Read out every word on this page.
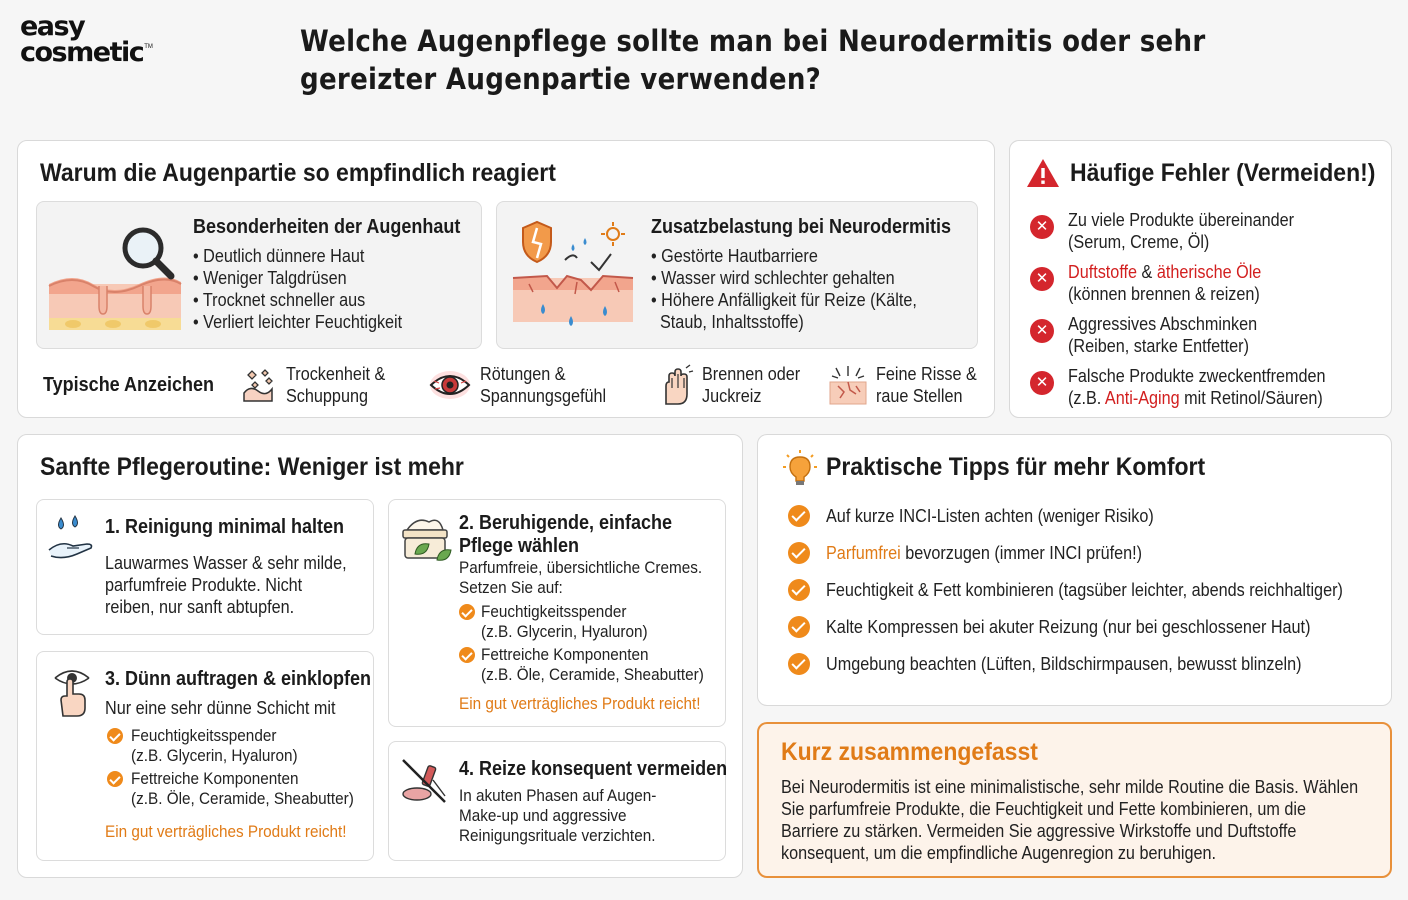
easy
cosmetic TM	Welche Augenpflege sollte man bei Neurodermitis oder sehr
gereizter Augenpartie verwenden?
Warum die Augenpartie so empfindlich reagiert
Besonderheiten der Augenhaut
• Deutlich dünnere Haut
• Weniger Talgdrüsen
• Trocknet schneller aus
• Verliert leichter Feuchtigkeit
Zusatzbelastung bei Neurodermitis
• Gestörte Hautbarriere
• Wasser wird schlechter gehalten
• Höhere Anfälligkeit für Reize (Kälte,
Staub, Inhaltsstoffe)
Typische Anzeichen	Trockenheit &
Schuppung
Rötungen &
Spannungsgefühl
Brennen oder
Juckreiz
Feine Risse &
raue Stellen
Häufige Fehler (Vermeiden!)
✕	Zu viele Produkte übereinander
(Serum, Creme, Öl)
✕	Duftstoffe & ätherische Öle
(können brennen & reizen)
✕	Aggressives Abschminken
(Reiben, starke Entfetter)
✕	Falsche Produkte zweckentfremden
(z.B. Anti-Aging mit Retinol/Säuren)
Sanfte Pflegeroutine: Weniger ist mehr
1. Reinigung minimal halten
Lauwarmes Wasser & sehr milde,
parfumfreie Produkte. Nicht
reiben, nur sanft abtupfen.
2. Beruhigende, einfache
Pflege wählen
Parfumfreie, übersichtliche Cremes.
Setzen Sie auf:
Feuchtigkeitsspender
(z.B. Glycerin, Hyaluron)
Fettreiche Komponenten
(z.B. Öle, Ceramide, Sheabutter)
Ein gut verträgliches Produkt reicht!
3. Dünn auftragen & einklopfen
Nur eine sehr dünne Schicht mit
Feuchtigkeitsspender
(z.B. Glycerin, Hyaluron)
Fettreiche Komponenten
(z.B. Öle, Ceramide, Sheabutter)
Ein gut verträgliches Produkt reicht!
4. Reize konsequent vermeiden
In akuten Phasen auf Augen-
Make-up und aggressive
Reinigungsrituale verzichten.
Praktische Tipps für mehr Komfort
Auf kurze INCI-Listen achten (weniger Risiko)
Parfumfrei bevorzugen (immer INCI prüfen!)
Feuchtigkeit & Fett kombinieren (tagsüber leichter, abends reichhaltiger)
Kalte Kompressen bei akuter Reizung (nur bei geschlossener Haut)
Umgebung beachten (Lüften, Bildschirmpausen, bewusst blinzeln)
Kurz zusammengefasst
Bei Neurodermitis ist eine minimalistische, sehr milde Routine die Basis. Wählen
Sie parfumfreie Produkte, die Feuchtigkeit und Fette kombinieren, um die
Barriere zu stärken. Vermeiden Sie aggressive Wirkstoffe und Duftstoffe
konsequent, um die empfindliche Augenregion zu beruhigen.
